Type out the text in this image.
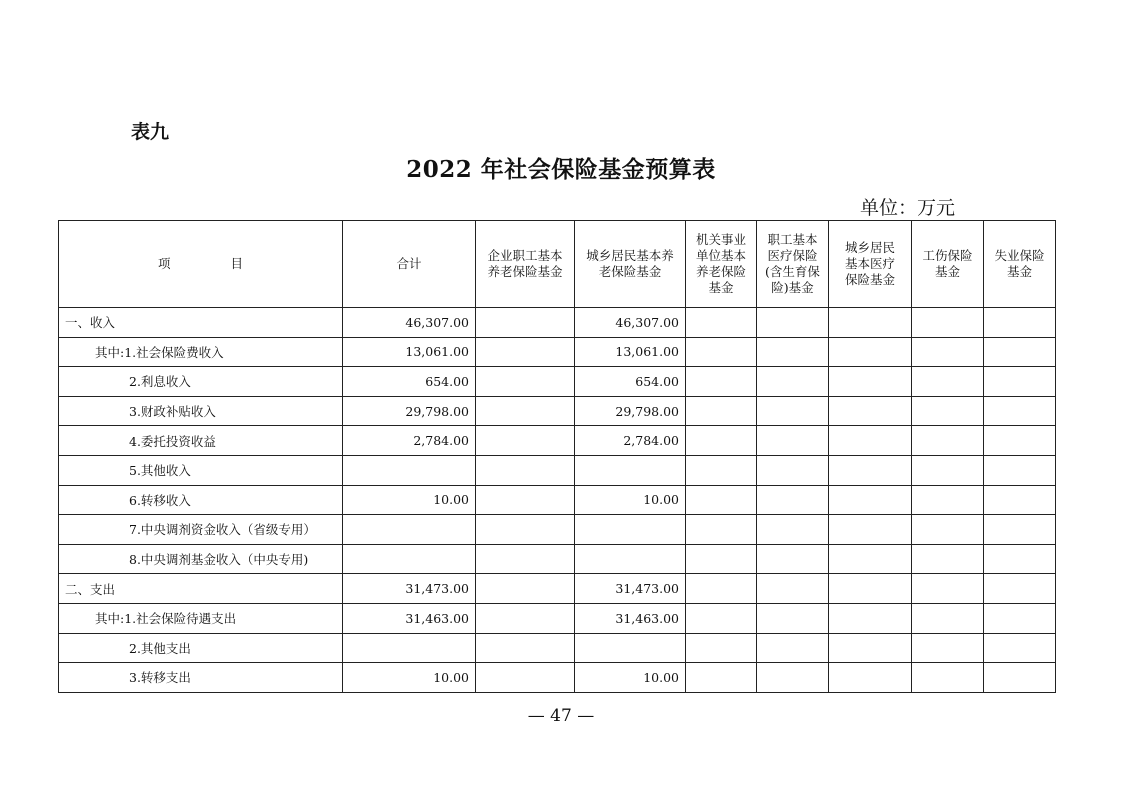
表九
2022 年社会保险基金预算表
单位：万元
项 目	合计	企业职工基本养老保险基金	城乡居民基本养老保险基金	机关事业单位基本养老保险基金	职工基本医疗保险(含生育保险)基金	城乡居民基本医疗保险基金	工伤保险基金	失业保险基金
一、收入	46,307.00		46,307.00					
其中:1.社会保险费收入	13,061.00		13,061.00					
2.利息收入	654.00		654.00					
3.财政补贴收入	29,798.00		29,798.00					
4.委托投资收益	2,784.00		2,784.00					
5.其他收入								
6.转移收入	10.00		10.00					
7.中央调剂资金收入（省级专用）								
8.中央调剂基金收入（中央专用)								
二、支出	31,473.00		31,473.00					
其中:1.社会保险待遇支出	31,463.00		31,463.00					
2.其他支出								
3.转移支出	10.00		10.00					
— 47 —
